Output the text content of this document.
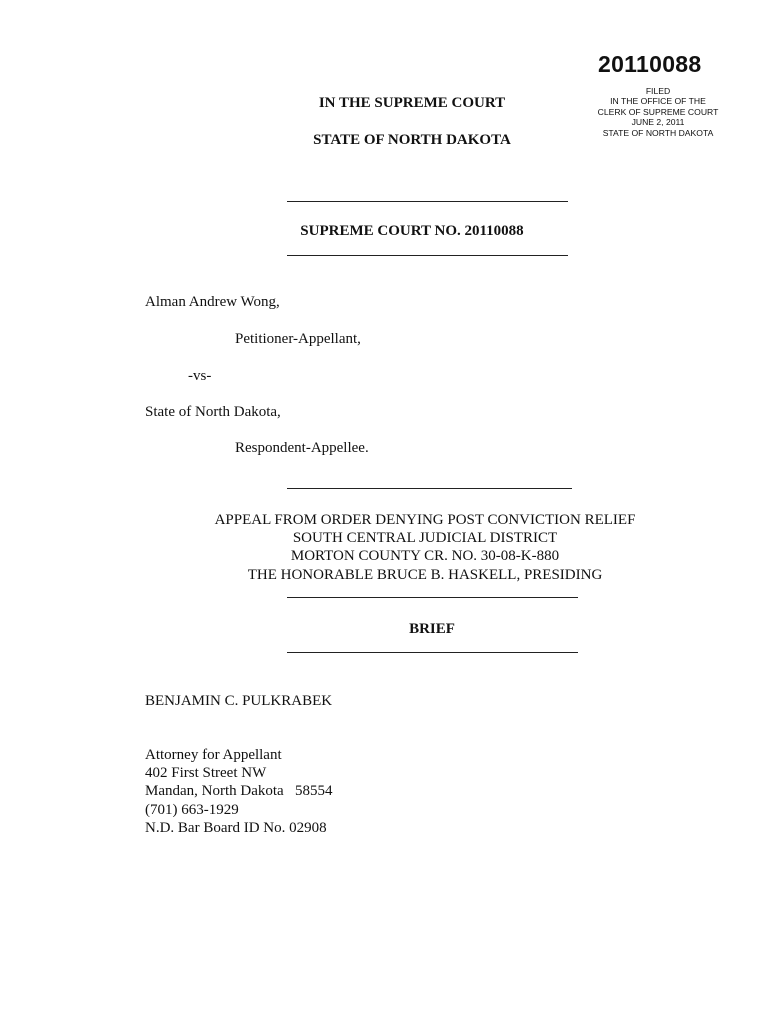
20110088
FILED
IN THE OFFICE OF THE
CLERK OF SUPREME COURT
JUNE 2, 2011
STATE OF NORTH DAKOTA
IN THE SUPREME COURT
STATE OF NORTH DAKOTA
SUPREME COURT NO. 20110088
Alman Andrew Wong,
Petitioner-Appellant,
-vs-
State of North Dakota,
Respondent-Appellee.
APPEAL FROM ORDER DENYING POST CONVICTION RELIEF
SOUTH CENTRAL JUDICIAL DISTRICT
MORTON COUNTY CR. NO. 30-08-K-880
THE HONORABLE BRUCE B. HASKELL, PRESIDING
BRIEF
BENJAMIN C. PULKRABEK
Attorney for Appellant
402 First Street NW
Mandan, North Dakota   58554
(701) 663-1929
N.D. Bar Board ID No. 02908
